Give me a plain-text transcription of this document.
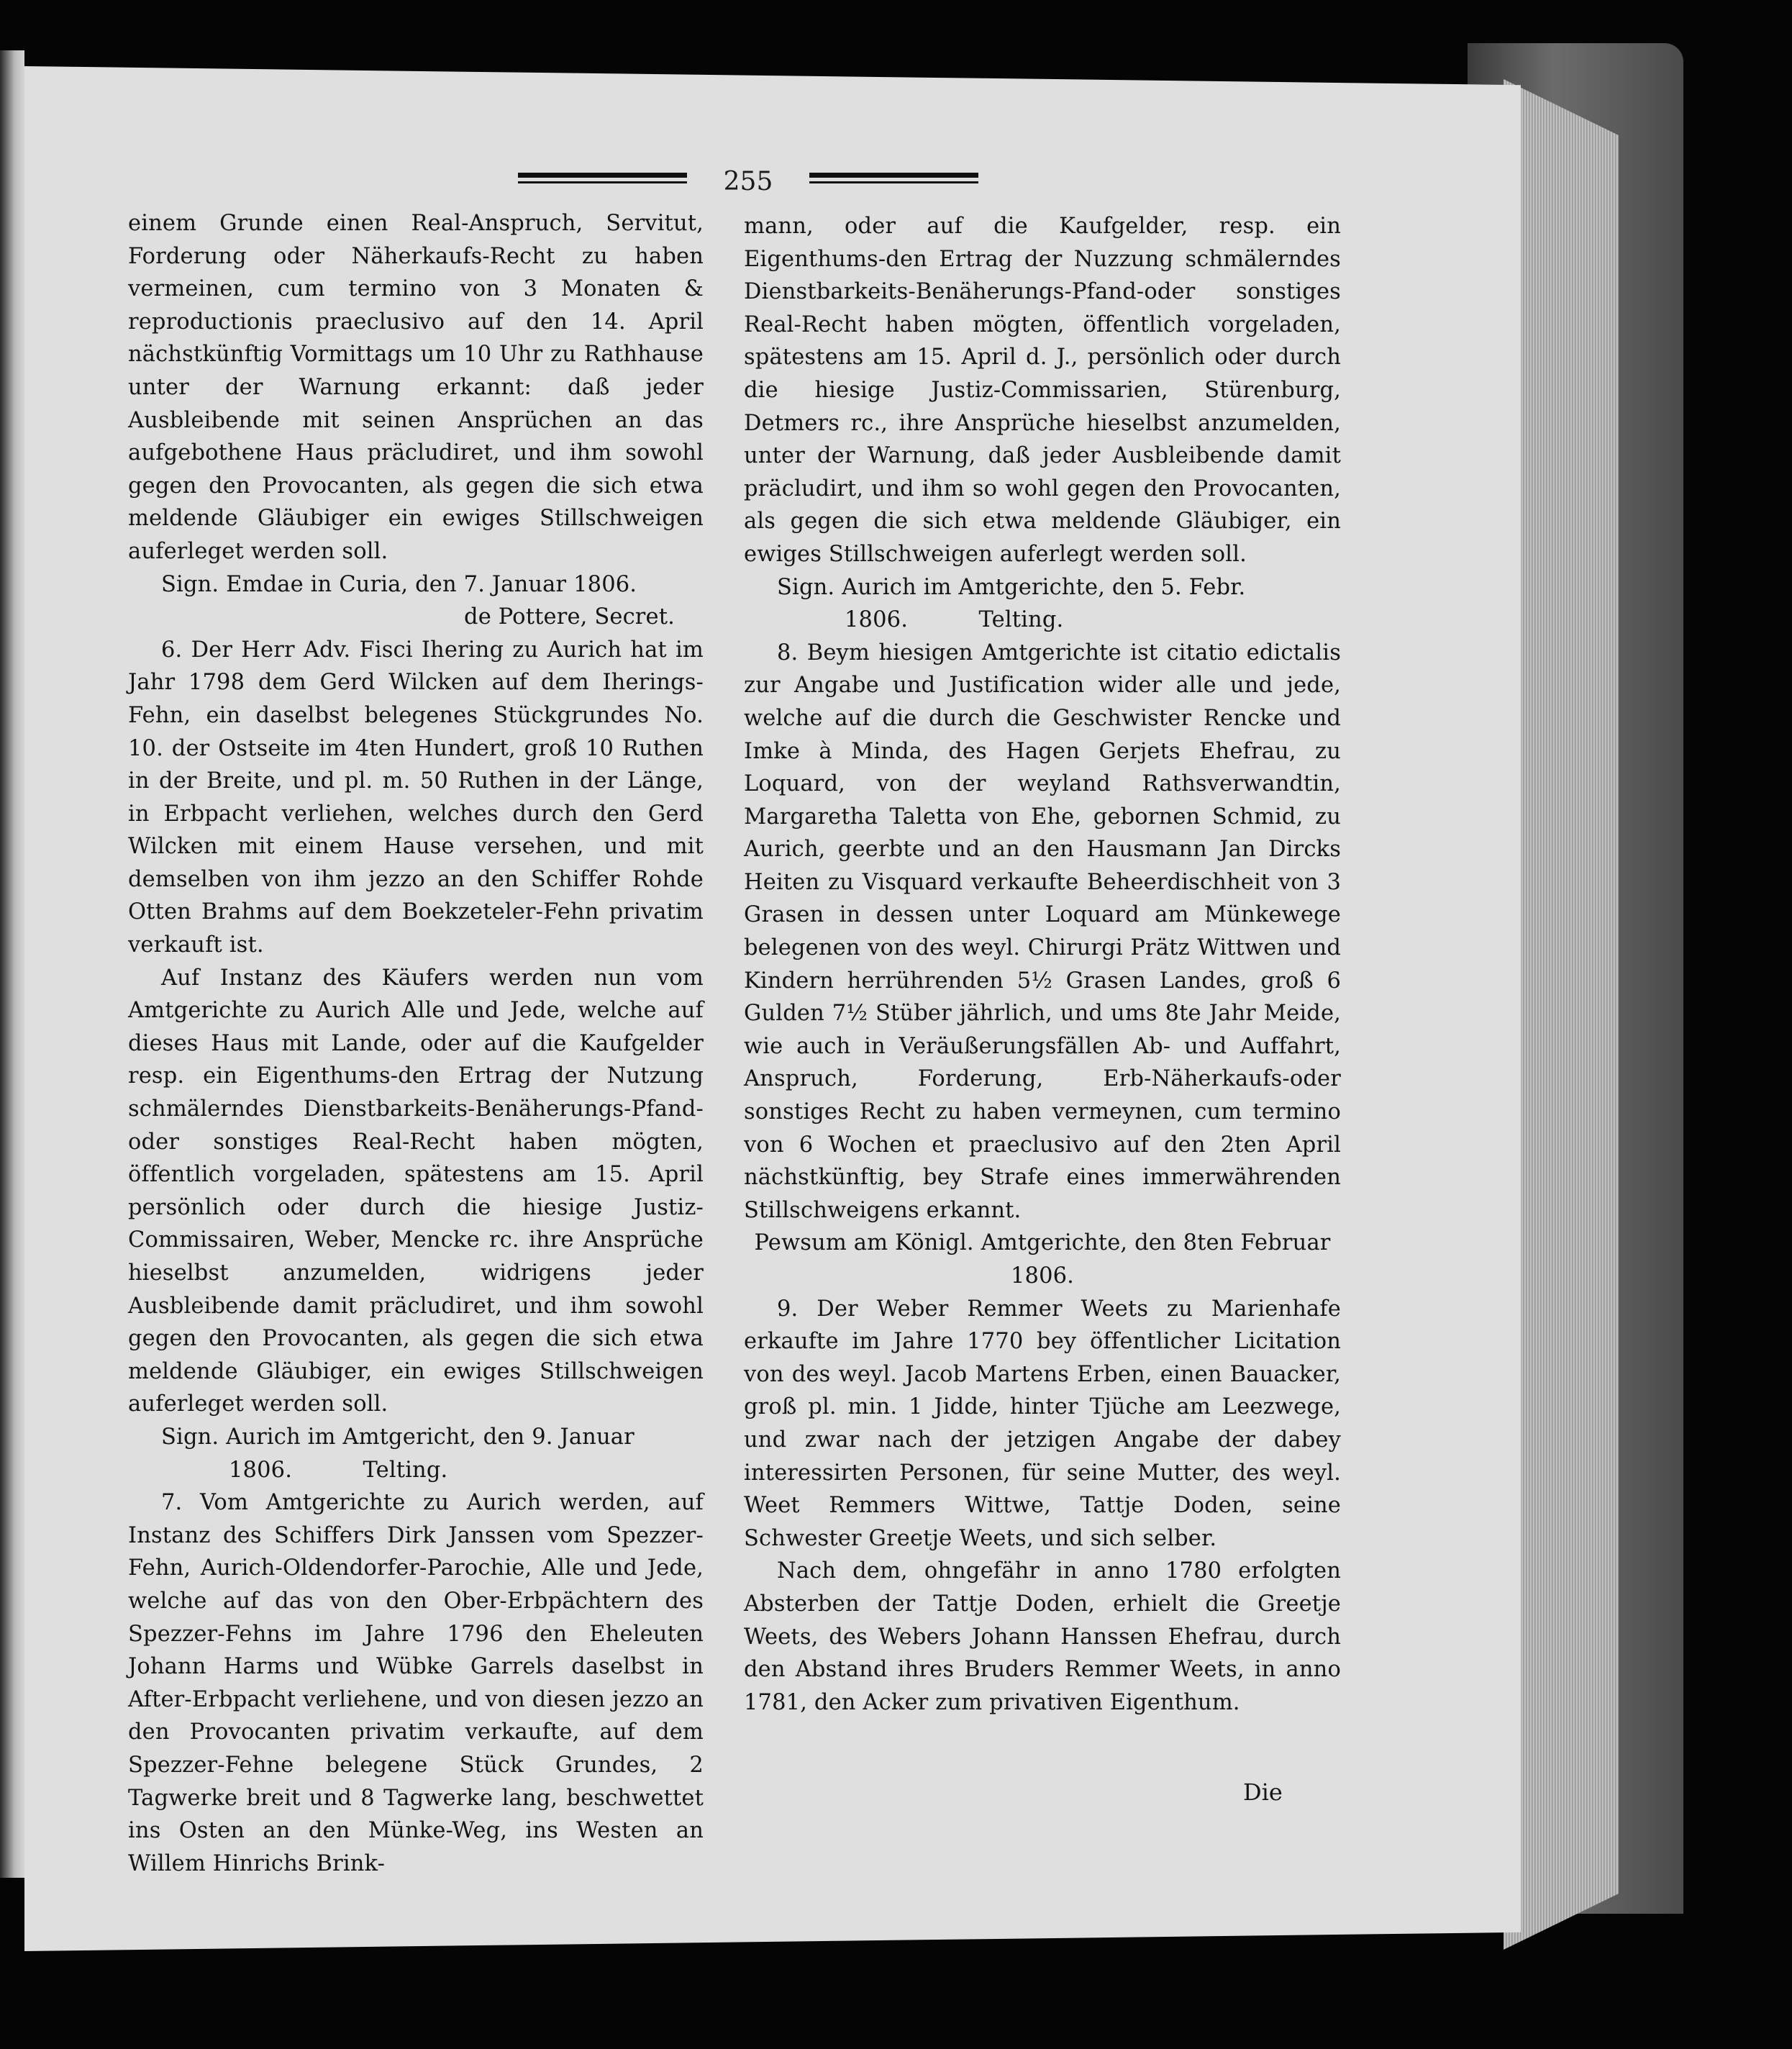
255

einem Grunde einen Real-Anspruch, Servitut, Forderung oder Näherkaufs-Recht zu haben vermeinen, cum termino von 3 Monaten & reproductionis praeclusivo auf den 14. April nächstkünftig Vormittags um 10 Uhr zu Rathhause unter der Warnung erkannt: daß jeder Ausbleibende mit seinen Ansprüchen an das aufgebothene Haus präcludiret, und ihm sowohl gegen den Provocanten, als gegen die sich etwa meldende Gläubiger ein ewiges Stillschweigen auferleget werden soll.

Sign. Emdae in Curia, den 7. Januar 1806.

de Pottere, Secret.

6. Der Herr Adv. Fisci Ihering zu Aurich hat im Jahr 1798 dem Gerd Wilcken auf dem Iherings-Fehn, ein daselbst belegenes Stückgrundes No. 10. der Ostseite im 4ten Hundert, groß 10 Ruthen in der Breite, und pl. m. 50 Ruthen in der Länge, in Erbpacht verliehen, welches durch den Gerd Wilcken mit einem Hause versehen, und mit demselben von ihm jezzo an den Schiffer Rohde Otten Brahms auf dem Boekzeteler-Fehn privatim verkauft ist.

Auf Instanz des Käufers werden nun vom Amtgerichte zu Aurich Alle und Jede, welche auf dieses Haus mit Lande, oder auf die Kaufgelder resp. ein Eigenthums-den Ertrag der Nutzung schmälerndes Dienstbarkeits-Benäherungs-Pfand-oder sonstiges Real-Recht haben mögten, öffentlich vorgeladen, spätestens am 15. April persönlich oder durch die hiesige Justiz-Commissairen, Weber, Mencke rc. ihre Ansprüche hieselbst anzumelden, widrigens jeder Ausbleibende damit präcludiret, und ihm sowohl gegen den Provocanten, als gegen die sich etwa meldende Gläubiger, ein ewiges Stillschweigen auferleget werden soll.

Sign. Aurich im Amtgericht, den 9. Januar

1806.          Telting.

7. Vom Amtgerichte zu Aurich werden, auf Instanz des Schiffers Dirk Janssen vom Spezzer-Fehn, Aurich-Oldendorfer-Parochie, Alle und Jede, welche auf das von den Ober-Erbpächtern des Spezzer-Fehns im Jahre 1796 den Eheleuten Johann Harms und Wübke Garrels daselbst in After-Erbpacht verliehene, und von diesen jezzo an den Provocanten privatim verkaufte, auf dem Spezzer-Fehne belegene Stück Grundes, 2 Tagwerke breit und 8 Tagwerke lang, beschwettet ins Osten an den Münke-Weg, ins Westen an Willem Hinrichs Brink-

mann, oder auf die Kaufgelder, resp. ein Eigenthums-den Ertrag der Nuzzung schmälerndes Dienstbarkeits-Benäherungs-Pfand-oder sonstiges Real-Recht haben mögten, öffentlich vorgeladen, spätestens am 15. April d. J., persönlich oder durch die hiesige Justiz-Commissarien, Stürenburg, Detmers rc., ihre Ansprüche hieselbst anzumelden, unter der Warnung, daß jeder Ausbleibende damit präcludirt, und ihm so wohl gegen den Provocanten, als gegen die sich etwa meldende Gläubiger, ein ewiges Stillschweigen auferlegt werden soll.

Sign. Aurich im Amtgerichte, den 5. Febr.

1806.          Telting.

8. Beym hiesigen Amtgerichte ist citatio edictalis zur Angabe und Justification wider alle und jede, welche auf die durch die Geschwister Rencke und Imke à Minda, des Hagen Gerjets Ehefrau, zu Loquard, von der weyland Rathsverwandtin, Margaretha Taletta von Ehe, gebornen Schmid, zu Aurich, geerbte und an den Hausmann Jan Dircks Heiten zu Visquard verkaufte Beheerdischheit von 3 Grasen in dessen unter Loquard am Münkewege belegenen von des weyl. Chirurgi Prätz Wittwen und Kindern herrührenden 5½ Grasen Landes, groß 6 Gulden 7½ Stüber jährlich, und ums 8te Jahr Meide, wie auch in Veräußerungsfällen Ab- und Auffahrt, Anspruch, Forderung, Erb-Näherkaufs-oder sonstiges Recht zu haben vermeynen, cum termino von 6 Wochen et praeclusivo auf den 2ten April nächstkünftig, bey Strafe eines immerwährenden Stillschweigens erkannt.

Pewsum am Königl. Amtgerichte, den 8ten Februar 1806.

9. Der Weber Remmer Weets zu Marienhafe erkaufte im Jahre 1770 bey öffentlicher Licitation von des weyl. Jacob Martens Erben, einen Bauacker, groß pl. min. 1 Jidde, hinter Tjüche am Leezwege, und zwar nach der jetzigen Angabe der dabey interessirten Personen, für seine Mutter, des weyl. Weet Remmers Wittwe, Tattje Doden, seine Schwester Greetje Weets, und sich selber.

Nach dem, ohngefähr in anno 1780 erfolgten Absterben der Tattje Doden, erhielt die Greetje Weets, des Webers Johann Hanssen Ehefrau, durch den Abstand ihres Bruders Remmer Weets, in anno 1781, den Acker zum privativen Eigenthum.

Die
